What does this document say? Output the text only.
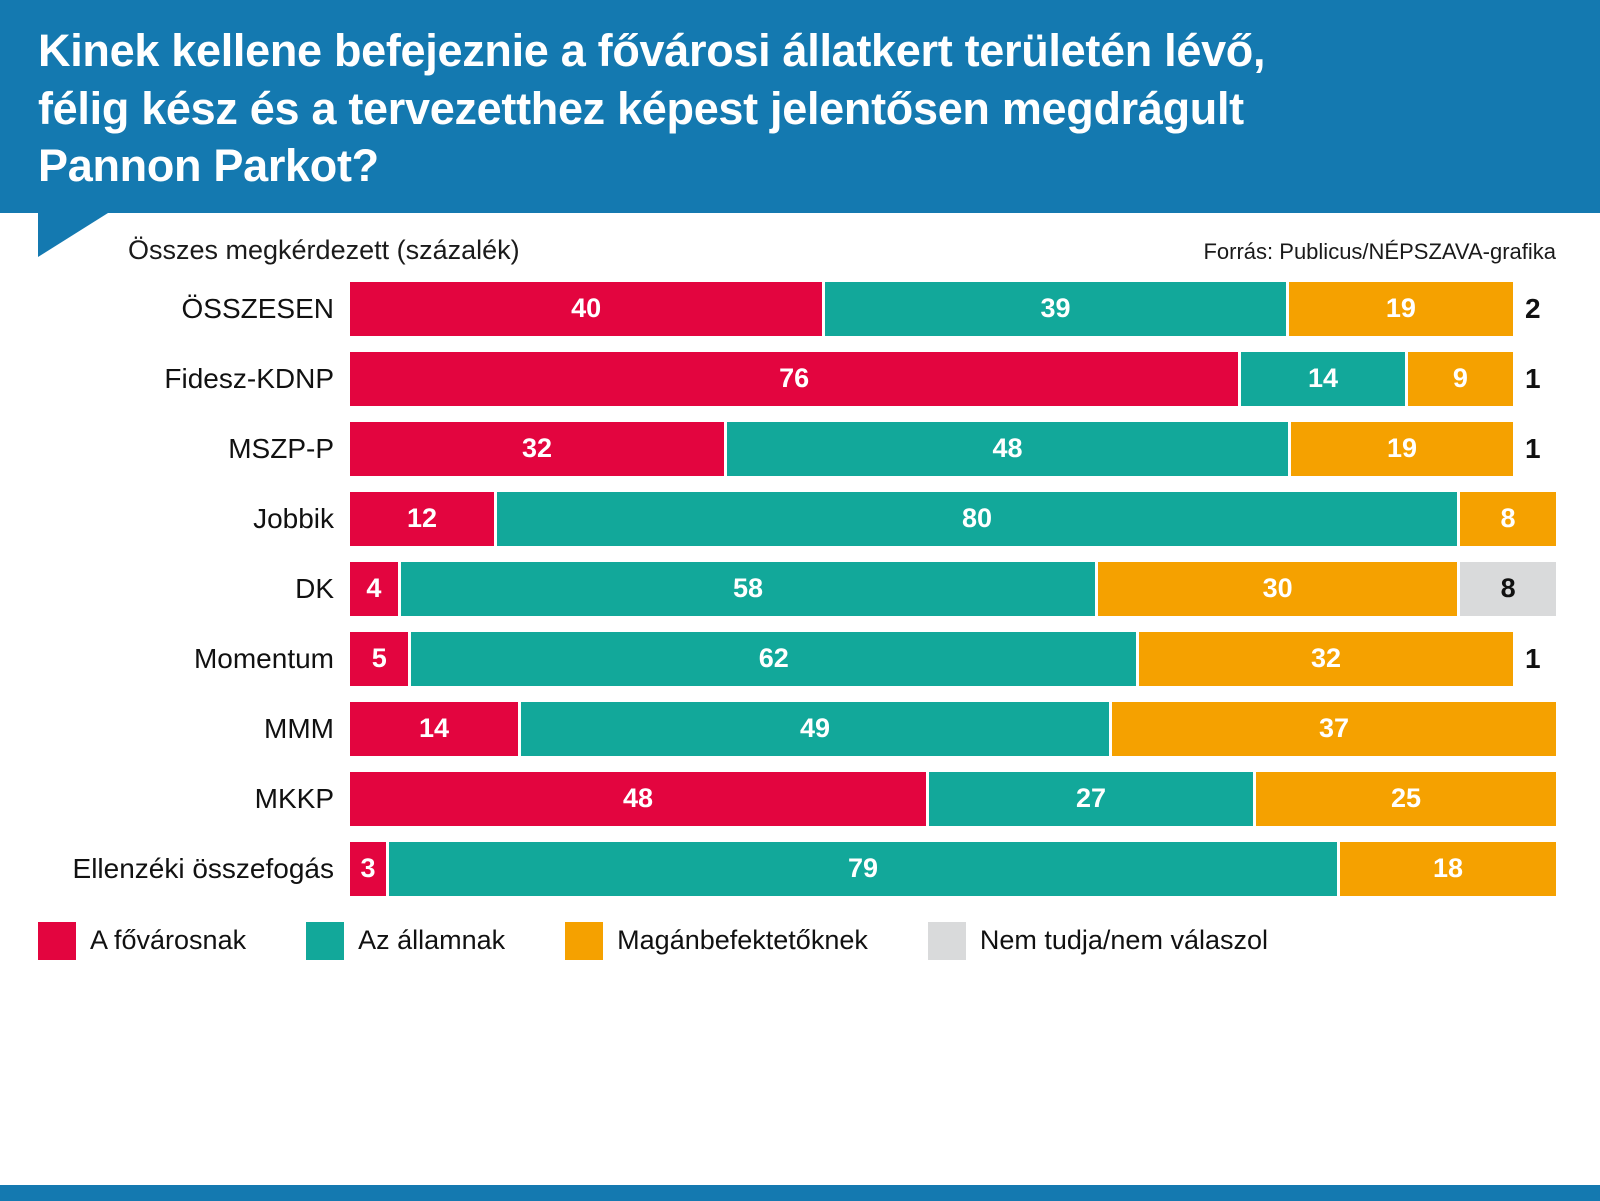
Kinek kellene befejeznie a fővárosi állatkert területén lévő, félig kész és a tervezetthez képest jelentősen megdrágult Pannon Parkot?
Összes megkérdezett (százalék)	Forrás: Publicus/NÉPSZAVA-grafika
ÖSSZESEN	40	39	19	2
Fidesz-KDNP	76	14	9	1
MSZP-P	32	48	19	1
Jobbik	12	80	8
DK	4	58	30	8
Momentum	5	62	32	1
MMM	14	49	37
MKKP	48	27	25
Ellenzéki összefogás 3	79	18
A fővárosnak	Az államnak	Magánbefektetőknek	Nem tudja/nem válaszol
